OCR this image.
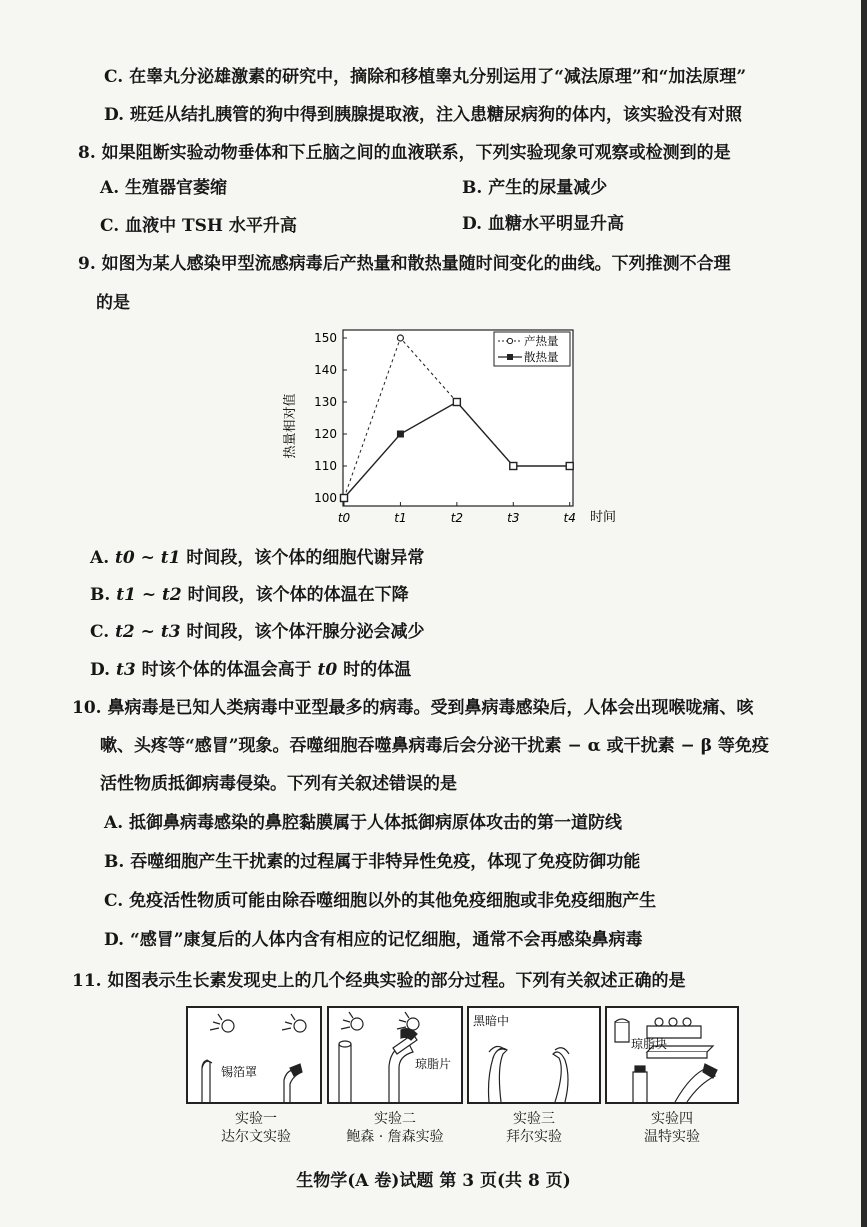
C. 在睾丸分泌雄激素的研究中，摘除和移植睾丸分别运用了“减法原理”和“加法原理”
D. 班廷从结扎胰管的狗中得到胰腺提取液，注入患糖尿病狗的体内，该实验没有对照
8. 如果阻断实验动物垂体和下丘脑之间的血液联系，下列实验现象可观察或检测到的是
A. 生殖器官萎缩	B. 产生的尿量减少
C. 血液中 TSH 水平升高	D. 血糖水平明显升高
9. 如图为某人感染甲型流感病毒后产热量和散热量随时间变化的曲线。下列推测不合理
的是
热量相对值
100
110
120
130
140
150
t0	t1	t2	t3	t4 时间
产热量
散热量
A. t0 ~ t1 时间段，该个体的细胞代谢异常
B. t1 ~ t2 时间段，该个体的体温在下降
C. t2 ~ t3 时间段，该个体汗腺分泌会减少
D. t3 时该个体的体温会高于 t0 时的体温
10. 鼻病毒是已知人类病毒中亚型最多的病毒。受到鼻病毒感染后，人体会出现喉咙痛、咳
嗽、头疼等“感冒”现象。吞噬细胞吞噬鼻病毒后会分泌干扰素 − α 或干扰素 − β 等免疫
活性物质抵御病毒侵染。下列有关叙述错误的是
A. 抵御鼻病毒感染的鼻腔黏膜属于人体抵御病原体攻击的第一道防线
B. 吞噬细胞产生干扰素的过程属于非特异性免疫，体现了免疫防御功能
C. 免疫活性物质可能由除吞噬细胞以外的其他免疫细胞或非免疫细胞产生
D. “感冒”康复后的人体内含有相应的记忆细胞，通常不会再感染鼻病毒
11. 如图表示生长素发现史上的几个经典实验的部分过程。下列有关叙述正确的是
锡箔罩
琼脂片
黑暗中
琼脂块
实验一
达尔文实验
实验二
鲍森 · 詹森实验
实验三
拜尔实验
实验四
温特实验
生物学(A 卷)试题 第 3 页(共 8 页)
